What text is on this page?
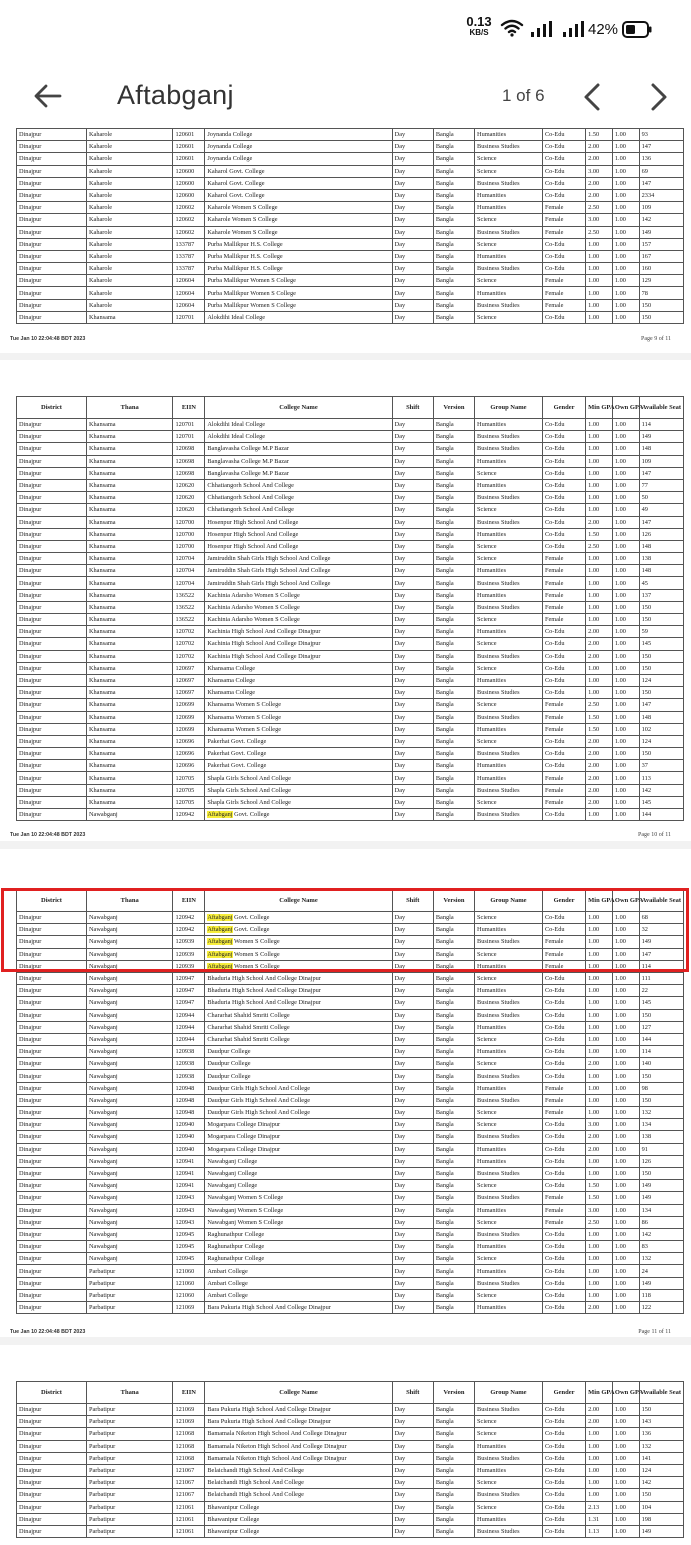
0.13
KB/S	42%
Aftabganj	1 of 6
Dinajpur	Kaharole	120601	Joynanda College	Day	Bangla	Humanities	Co-Edu	1.50	1.00	93
Dinajpur	Kaharole	120601	Joynanda College	Day	Bangla	Business Studies	Co-Edu	2.00	1.00	147
Dinajpur	Kaharole	120601	Joynanda College	Day	Bangla	Science	Co-Edu	2.00	1.00	136
Dinajpur	Kaharole	120600	Kaharol Govt. College	Day	Bangla	Science	Co-Edu	3.00	1.00	69
Dinajpur	Kaharole	120600	Kaharol Govt. College	Day	Bangla	Business Studies	Co-Edu	2.00	1.00	147
Dinajpur	Kaharole	120600	Kaharol Govt. College	Day	Bangla	Humanities	Co-Edu	2.00	1.00	2334
Dinajpur	Kaharole	120602	Kaharole Women S College	Day	Bangla	Humanities	Female	2.50	1.00	109
Dinajpur	Kaharole	120602	Kaharole Women S College	Day	Bangla	Science	Female	3.00	1.00	142
Dinajpur	Kaharole	120602	Kaharole Women S College	Day	Bangla	Business Studies	Female	2.50	1.00	149
Dinajpur	Kaharole	133787	Purba Mallikpur H.S. College	Day	Bangla	Science	Co-Edu	1.00	1.00	157
Dinajpur	Kaharole	133787	Purba Mallikpur H.S. College	Day	Bangla	Humanities	Co-Edu	1.00	1.00	167
Dinajpur	Kaharole	133787	Purba Mallikpur H.S. College	Day	Bangla	Business Studies	Co-Edu	1.00	1.00	160
Dinajpur	Kaharole	120604	Purba Mallikpur Women S College	Day	Bangla	Science	Female	1.00	1.00	129
Dinajpur	Kaharole	120604	Purba Mallikpur Women S College	Day	Bangla	Humanities	Female	1.00	1.00	78
Dinajpur	Kaharole	120604	Purba Mallikpur Women S College	Day	Bangla	Business Studies	Female	1.00	1.00	150
Dinajpur	Khansama	120701	Alokdihi Ideal College	Day	Bangla	Science	Co-Edu	1.00	1.00	150
Tue Jan 10 22:04:48 BDT 2023	Page 9 of 11
District	Thana	EIIN	College Name	Shift	Version	Group Name	Gender	Min GPA	Own GPA	Available Seat
Dinajpur	Khansama	120701	Alokdihi Ideal College	Day	Bangla	Humanities	Co-Edu	1.00	1.00	114
Dinajpur	Khansama	120701	Alokdihi Ideal College	Day	Bangla	Business Studies	Co-Edu	1.00	1.00	149
Dinajpur	Khansama	120698	Banglavasha College M.P Bazar	Day	Bangla	Business Studies	Co-Edu	1.00	1.00	148
Dinajpur	Khansama	120698	Banglavasha College M.P Bazar	Day	Bangla	Humanities	Co-Edu	1.00	1.00	109
Dinajpur	Khansama	120698	Banglavasha College M.P Bazar	Day	Bangla	Science	Co-Edu	1.00	1.00	147
Dinajpur	Khansama	120620	Chhatiangorh School And College	Day	Bangla	Humanities	Co-Edu	1.00	1.00	77
Dinajpur	Khansama	120620	Chhatiangorh School And College	Day	Bangla	Business Studies	Co-Edu	1.00	1.00	50
Dinajpur	Khansama	120620	Chhatiangorh School And College	Day	Bangla	Science	Co-Edu	1.00	1.00	49
Dinajpur	Khansama	120700	Hosenpur High School And College	Day	Bangla	Business Studies	Co-Edu	2.00	1.00	147
Dinajpur	Khansama	120700	Hosenpur High School And College	Day	Bangla	Humanities	Co-Edu	1.50	1.00	126
Dinajpur	Khansama	120700	Hosenpur High School And College	Day	Bangla	Science	Co-Edu	2.50	1.00	148
Dinajpur	Khansama	120704	Jamiruddin Shah Girls High School And College	Day	Bangla	Science	Female	1.00	1.00	138
Dinajpur	Khansama	120704	Jamiruddin Shah Girls High School And College	Day	Bangla	Humanities	Female	1.00	1.00	148
Dinajpur	Khansama	120704	Jamiruddin Shah Girls High School And College	Day	Bangla	Business Studies	Female	1.00	1.00	45
Dinajpur	Khansama	136522	Kachinia Adarsho Women S College	Day	Bangla	Humanities	Female	1.00	1.00	137
Dinajpur	Khansama	136522	Kachinia Adarsho Women S College	Day	Bangla	Business Studies	Female	1.00	1.00	150
Dinajpur	Khansama	136522	Kachinia Adarsho Women S College	Day	Bangla	Science	Female	1.00	1.00	150
Dinajpur	Khansama	120702	Kachinia High School And College Dinajpur	Day	Bangla	Humanities	Co-Edu	2.00	1.00	59
Dinajpur	Khansama	120702	Kachinia High School And College Dinajpur	Day	Bangla	Science	Co-Edu	2.00	1.00	145
Dinajpur	Khansama	120702	Kachinia High School And College Dinajpur	Day	Bangla	Business Studies	Co-Edu	2.00	1.00	150
Dinajpur	Khansama	120697	Khansama College	Day	Bangla	Science	Co-Edu	1.00	1.00	150
Dinajpur	Khansama	120697	Khansama College	Day	Bangla	Humanities	Co-Edu	1.00	1.00	124
Dinajpur	Khansama	120697	Khansama College	Day	Bangla	Business Studies	Co-Edu	1.00	1.00	150
Dinajpur	Khansama	120699	Khansama Women S College	Day	Bangla	Science	Female	2.50	1.00	147
Dinajpur	Khansama	120699	Khansama Women S College	Day	Bangla	Business Studies	Female	1.50	1.00	148
Dinajpur	Khansama	120699	Khansama Women S College	Day	Bangla	Humanities	Female	1.50	1.00	102
Dinajpur	Khansama	120696	Pakerhat Govt. College	Day	Bangla	Science	Co-Edu	2.00	1.00	124
Dinajpur	Khansama	120696	Pakerhat Govt. College	Day	Bangla	Business Studies	Co-Edu	2.00	1.00	150
Dinajpur	Khansama	120696	Pakerhat Govt. College	Day	Bangla	Humanities	Co-Edu	2.00	1.00	37
Dinajpur	Khansama	120705	Shapla Girls School And College	Day	Bangla	Humanities	Female	2.00	1.00	113
Dinajpur	Khansama	120705	Shapla Girls School And College	Day	Bangla	Business Studies	Female	2.00	1.00	142
Dinajpur	Khansama	120705	Shapla Girls School And College	Day	Bangla	Science	Female	2.00	1.00	145
Dinajpur	Nawabganj	120942	Aftabganj Govt. College	Day	Bangla	Business Studies	Co-Edu	1.00	1.00	144
Tue Jan 10 22:04:48 BDT 2023	Page 10 of 11
District	Thana	EIIN	College Name	Shift	Version	Group Name	Gender	Min GPA	Own GPA	Available Seat
Dinajpur	Nawabganj	120942	Aftabganj Govt. College	Day	Bangla	Science	Co-Edu	1.00	1.00	68
Dinajpur	Nawabganj	120942	Aftabganj Govt. College	Day	Bangla	Humanities	Co-Edu	1.00	1.00	32
Dinajpur	Nawabganj	120939	Aftabganj Women S College	Day	Bangla	Business Studies	Female	1.00	1.00	149
Dinajpur	Nawabganj	120939	Aftabganj Women S College	Day	Bangla	Science	Female	1.00	1.00	147
Dinajpur	Nawabganj	120939	Aftabganj Women S College	Day	Bangla	Humanities	Female	1.00	1.00	114
Dinajpur	Nawabganj	120947	Bhaduria High School And College Dinajpur	Day	Bangla	Science	Co-Edu	1.00	1.00	111
Dinajpur	Nawabganj	120947	Bhaduria High School And College Dinajpur	Day	Bangla	Humanities	Co-Edu	1.00	1.00	22
Dinajpur	Nawabganj	120947	Bhaduria High School And College Dinajpur	Day	Bangla	Business Studies	Co-Edu	1.00	1.00	145
Dinajpur	Nawabganj	120944	Chararhat Shahid Smriti College	Day	Bangla	Business Studies	Co-Edu	1.00	1.00	150
Dinajpur	Nawabganj	120944	Chararhat Shahid Smriti College	Day	Bangla	Humanities	Co-Edu	1.00	1.00	127
Dinajpur	Nawabganj	120944	Chararhat Shahid Smriti College	Day	Bangla	Science	Co-Edu	1.00	1.00	144
Dinajpur	Nawabganj	120938	Daudpur College	Day	Bangla	Humanities	Co-Edu	1.00	1.00	114
Dinajpur	Nawabganj	120938	Daudpur College	Day	Bangla	Science	Co-Edu	2.00	1.00	140
Dinajpur	Nawabganj	120938	Daudpur College	Day	Bangla	Business Studies	Co-Edu	1.00	1.00	150
Dinajpur	Nawabganj	120948	Daudpur Girls High School And College	Day	Bangla	Humanities	Female	1.00	1.00	98
Dinajpur	Nawabganj	120948	Daudpur Girls High School And College	Day	Bangla	Business Studies	Female	1.00	1.00	150
Dinajpur	Nawabganj	120948	Daudpur Girls High School And College	Day	Bangla	Science	Female	1.00	1.00	132
Dinajpur	Nawabganj	120940	Mogarpara College Dinajpur	Day	Bangla	Science	Co-Edu	3.00	1.00	134
Dinajpur	Nawabganj	120940	Mogarpara College Dinajpur	Day	Bangla	Business Studies	Co-Edu	2.00	1.00	138
Dinajpur	Nawabganj	120940	Mogarpara College Dinajpur	Day	Bangla	Humanities	Co-Edu	2.00	1.00	91
Dinajpur	Nawabganj	120941	Nawabganj College	Day	Bangla	Humanities	Co-Edu	1.00	1.00	126
Dinajpur	Nawabganj	120941	Nawabganj College	Day	Bangla	Business Studies	Co-Edu	1.00	1.00	150
Dinajpur	Nawabganj	120941	Nawabganj College	Day	Bangla	Science	Co-Edu	1.50	1.00	149
Dinajpur	Nawabganj	120943	Nawabganj Women S College	Day	Bangla	Business Studies	Female	1.50	1.00	149
Dinajpur	Nawabganj	120943	Nawabganj Women S College	Day	Bangla	Humanities	Female	3.00	1.00	134
Dinajpur	Nawabganj	120943	Nawabganj Women S College	Day	Bangla	Science	Female	2.50	1.00	86
Dinajpur	Nawabganj	120945	Raghunathpur College	Day	Bangla	Business Studies	Co-Edu	1.00	1.00	142
Dinajpur	Nawabganj	120945	Raghunathpur College	Day	Bangla	Humanities	Co-Edu	1.00	1.00	83
Dinajpur	Nawabganj	120945	Raghunathpur College	Day	Bangla	Science	Co-Edu	1.00	1.00	132
Dinajpur	Parbatipur	121060	Ambari College	Day	Bangla	Humanities	Co-Edu	1.00	1.00	24
Dinajpur	Parbatipur	121060	Ambari College	Day	Bangla	Business Studies	Co-Edu	1.00	1.00	149
Dinajpur	Parbatipur	121060	Ambari College	Day	Bangla	Science	Co-Edu	1.00	1.00	118
Dinajpur	Parbatipur	121069	Bara Pukuria High School And College Dinajpur	Day	Bangla	Humanities	Co-Edu	2.00	1.00	122
Tue Jan 10 22:04:48 BDT 2023	Page 11 of 11
District	Thana	EIIN	College Name	Shift	Version	Group Name	Gender	Min GPA	Own GPA	Available Seat
Dinajpur	Parbatipur	121069	Bara Pukuria High School And College Dinajpur	Day	Bangla	Business Studies	Co-Edu	2.00	1.00	150
Dinajpur	Parbatipur	121069	Bara Pukuria High School And College Dinajpur	Day	Bangla	Science	Co-Edu	2.00	1.00	143
Dinajpur	Parbatipur	121068	Bamamala Niketon High School And College Dinajpur	Day	Bangla	Science	Co-Edu	1.00	1.00	136
Dinajpur	Parbatipur	121068	Bamamala Niketon High School And College Dinajpur	Day	Bangla	Humanities	Co-Edu	1.00	1.00	132
Dinajpur	Parbatipur	121068	Bamamala Niketon High School And College Dinajpur	Day	Bangla	Business Studies	Co-Edu	1.00	1.00	141
Dinajpur	Parbatipur	121067	Belaichandi High School And College	Day	Bangla	Humanities	Co-Edu	1.00	1.00	124
Dinajpur	Parbatipur	121067	Belaichandi High School And College	Day	Bangla	Science	Co-Edu	1.00	1.00	142
Dinajpur	Parbatipur	121067	Belaichandi High School And College	Day	Bangla	Business Studies	Co-Edu	1.00	1.00	150
Dinajpur	Parbatipur	121061	Bhawanipur College	Day	Bangla	Science	Co-Edu	2.13	1.00	104
Dinajpur	Parbatipur	121061	Bhawanipur College	Day	Bangla	Humanities	Co-Edu	1.31	1.00	198
Dinajpur	Parbatipur	121061	Bhawanipur College	Day	Bangla	Business Studies	Co-Edu	1.13	1.00	149
